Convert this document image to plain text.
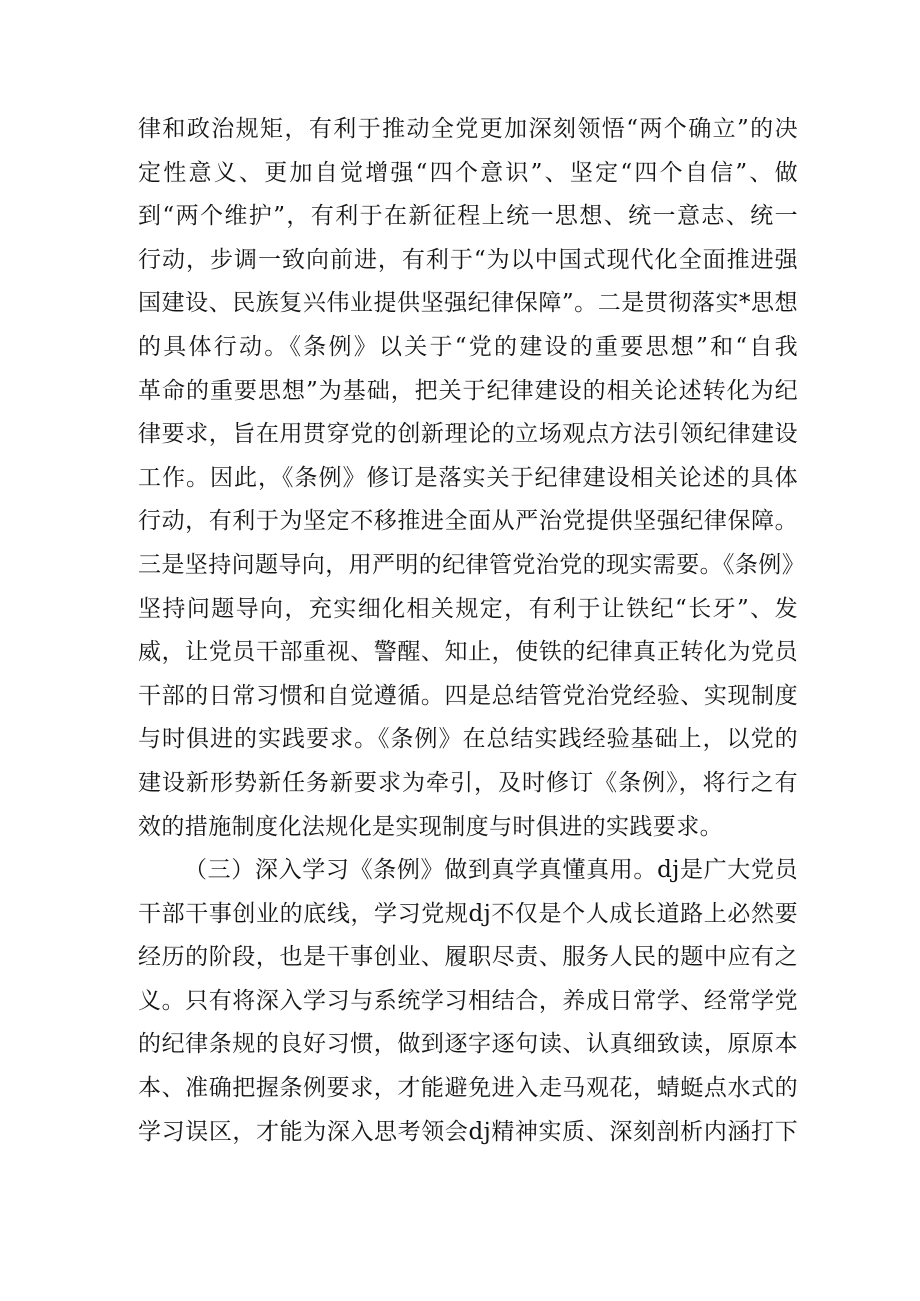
律和政治规矩，有利于推动全党更加深刻领悟“两个确立”的决
定性意义、更加自觉增强“四个意识”、坚定“四个自信”、做
到“两个维护”，有利于在新征程上统一思想、统一意志、统一
行动，步调一致向前进，有利于“为以中国式现代化全面推进强
国建设、民族复兴伟业提供坚强纪律保障”。二是贯彻落实*思想
的具体行动。《条例》以关于“党的建设的重要思想”和“自我
革命的重要思想”为基础，把关于纪律建设的相关论述转化为纪
律要求，旨在用贯穿党的创新理论的立场观点方法引领纪律建设
工作。因此，《条例》修订是落实关于纪律建设相关论述的具体
行动，有利于为坚定不移推进全面从严治党提供坚强纪律保障。
三是坚持问题导向，用严明的纪律管党治党的现实需要。《条例》
坚持问题导向，充实细化相关规定，有利于让铁纪“长牙”、发
威，让党员干部重视、警醒、知止，使铁的纪律真正转化为党员
干部的日常习惯和自觉遵循。四是总结管党治党经验、实现制度
与时俱进的实践要求。《条例》在总结实践经验基础上，以党的
建设新形势新任务新要求为牵引，及时修订《条例》，将行之有
效的措施制度化法规化是实现制度与时俱进的实践要求。
（三）深入学习《条例》做到真学真懂真用。dj是广大党员
干部干事创业的底线，学习党规dj不仅是个人成长道路上必然要
经历的阶段，也是干事创业、履职尽责、服务人民的题中应有之
义。只有将深入学习与系统学习相结合，养成日常学、经常学党
的纪律条规的良好习惯，做到逐字逐句读、认真细致读，原原本
本、准确把握条例要求，才能避免进入走马观花，蜻蜓点水式的
学习误区，才能为深入思考领会dj精神实质、深刻剖析内涵打下
